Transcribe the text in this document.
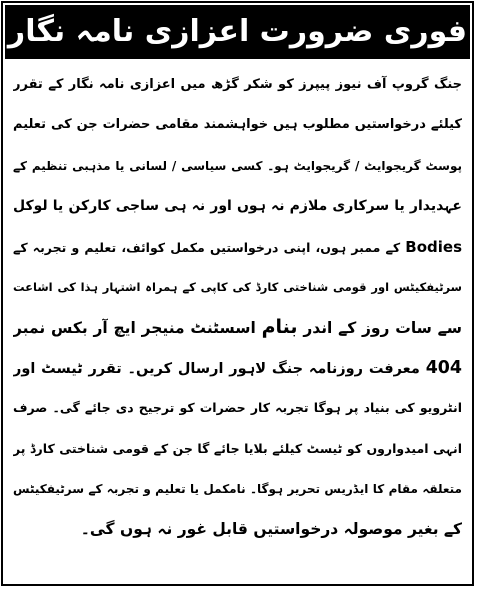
فوری ضرورت اعزازی نامہ نگار
جنگ گروپ آف نیوز پیپرز کو شکر گڑھ میں اعزازی نامہ نگار کے تقرر
کیلئے درخواستیں مطلوب ہیں خواہشمند مقامی حضرات جن کی تعلیم
پوسٹ گریجوایٹ / گریجوایٹ ہو۔ کسی سیاسی / لسانی یا مذہبی تنظیم کے
عہدیدار یا سرکاری ملازم نہ ہوں اور نہ ہی ساجی کارکن یا لوکل
Bodies کے ممبر ہوں، اپنی درخواستیں مکمل کوائف، تعلیم و تجربہ کے
سرٹیفکیٹس اور قومی شناختی کارڈ کی کاپی کے ہمراہ اشتہار ہذا کی اشاعت
سے سات روز کے اندر بنام اسسٹنٹ منیجر ایچ آر بکس نمبر
404 معرفت روزنامہ جنگ لاہور ارسال کریں۔ تقرر ٹیسٹ اور
انٹرویو کی بنیاد پر ہوگا تجربہ کار حضرات کو ترجیح دی جائے گی۔ صرف
انہی امیدواروں کو ٹیسٹ کیلئے بلایا جائے گا جن کے قومی شناختی کارڈ پر
متعلقہ مقام کا ایڈریس تحریر ہوگا۔ نامکمل یا تعلیم و تجربہ کے سرٹیفکیٹس
کے بغیر موصولہ درخواستیں قابل غور نہ ہوں گی۔
